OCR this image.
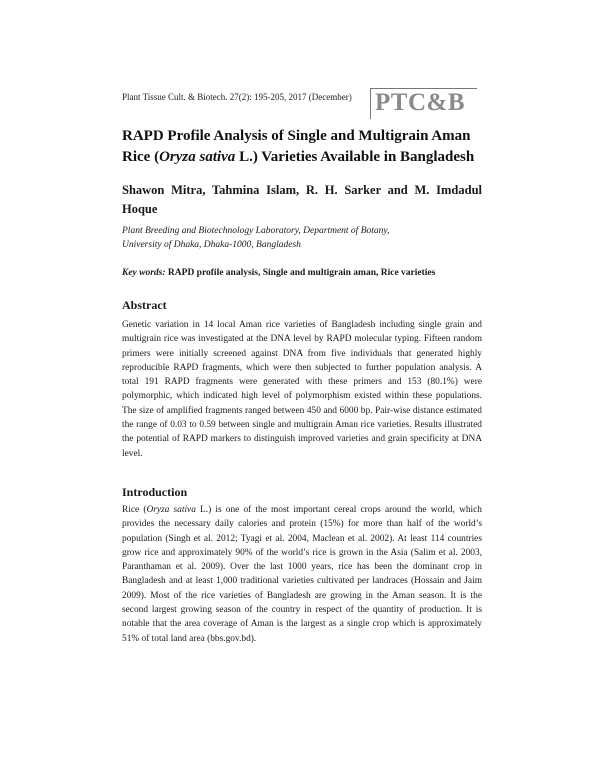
Plant Tissue Cult. & Biotech. 27(2): 195-205, 2017 (December) PTC&B
RAPD Profile Analysis of Single and Multigrain Aman Rice (Oryza sativa L.) Varieties Available in Bangladesh
Shawon Mitra, Tahmina Islam, R. H. Sarker and M. Imdadul Hoque
Plant Breeding and Biotechnology Laboratory, Department of Botany,
University of Dhaka, Dhaka-1000, Bangladesh
Key words: RAPD profile analysis, Single and multigrain aman, Rice varieties
Abstract
Genetic variation in 14 local Aman rice varieties of Bangladesh including single grain and multigrain rice was investigated at the DNA level by RAPD molecular typing. Fifteen random primers were initially screened against DNA from five individuals that generated highly reproducible RAPD fragments, which were then subjected to further population analysis. A total 191 RAPD fragments were generated with these primers and 153 (80.1%) were polymorphic, which indicated high level of polymorphism existed within these populations. The size of amplified fragments ranged between 450 and 6000 bp. Pair-wise distance estimated the range of 0.03 to 0.59 between single and multigrain Aman rice varieties. Results illustrated the potential of RAPD markers to distinguish improved varieties and grain specificity at DNA level.
Introduction
Rice (Oryza sativa L.) is one of the most important cereal crops around the world, which provides the necessary daily calories and protein (15%) for more than half of the world’s population (Singh et al. 2012; Tyagi et al. 2004, Maclean et al. 2002). At least 114 countries grow rice and approximately 90% of the world’s rice is grown in the Asia (Salim et al. 2003, Paranthaman et al. 2009). Over the last 1000 years, rice has been the dominant crop in Bangladesh and at least 1,000 traditional varieties cultivated per landraces (Hossain and Jaim 2009). Most of the rice varieties of Bangladesh are growing in the Aman season. It is the second largest growing season of the country in respect of the quantity of production. It is notable that the area coverage of Aman is the largest as a single crop which is approximately 51% of total land area (bbs.gov.bd).
